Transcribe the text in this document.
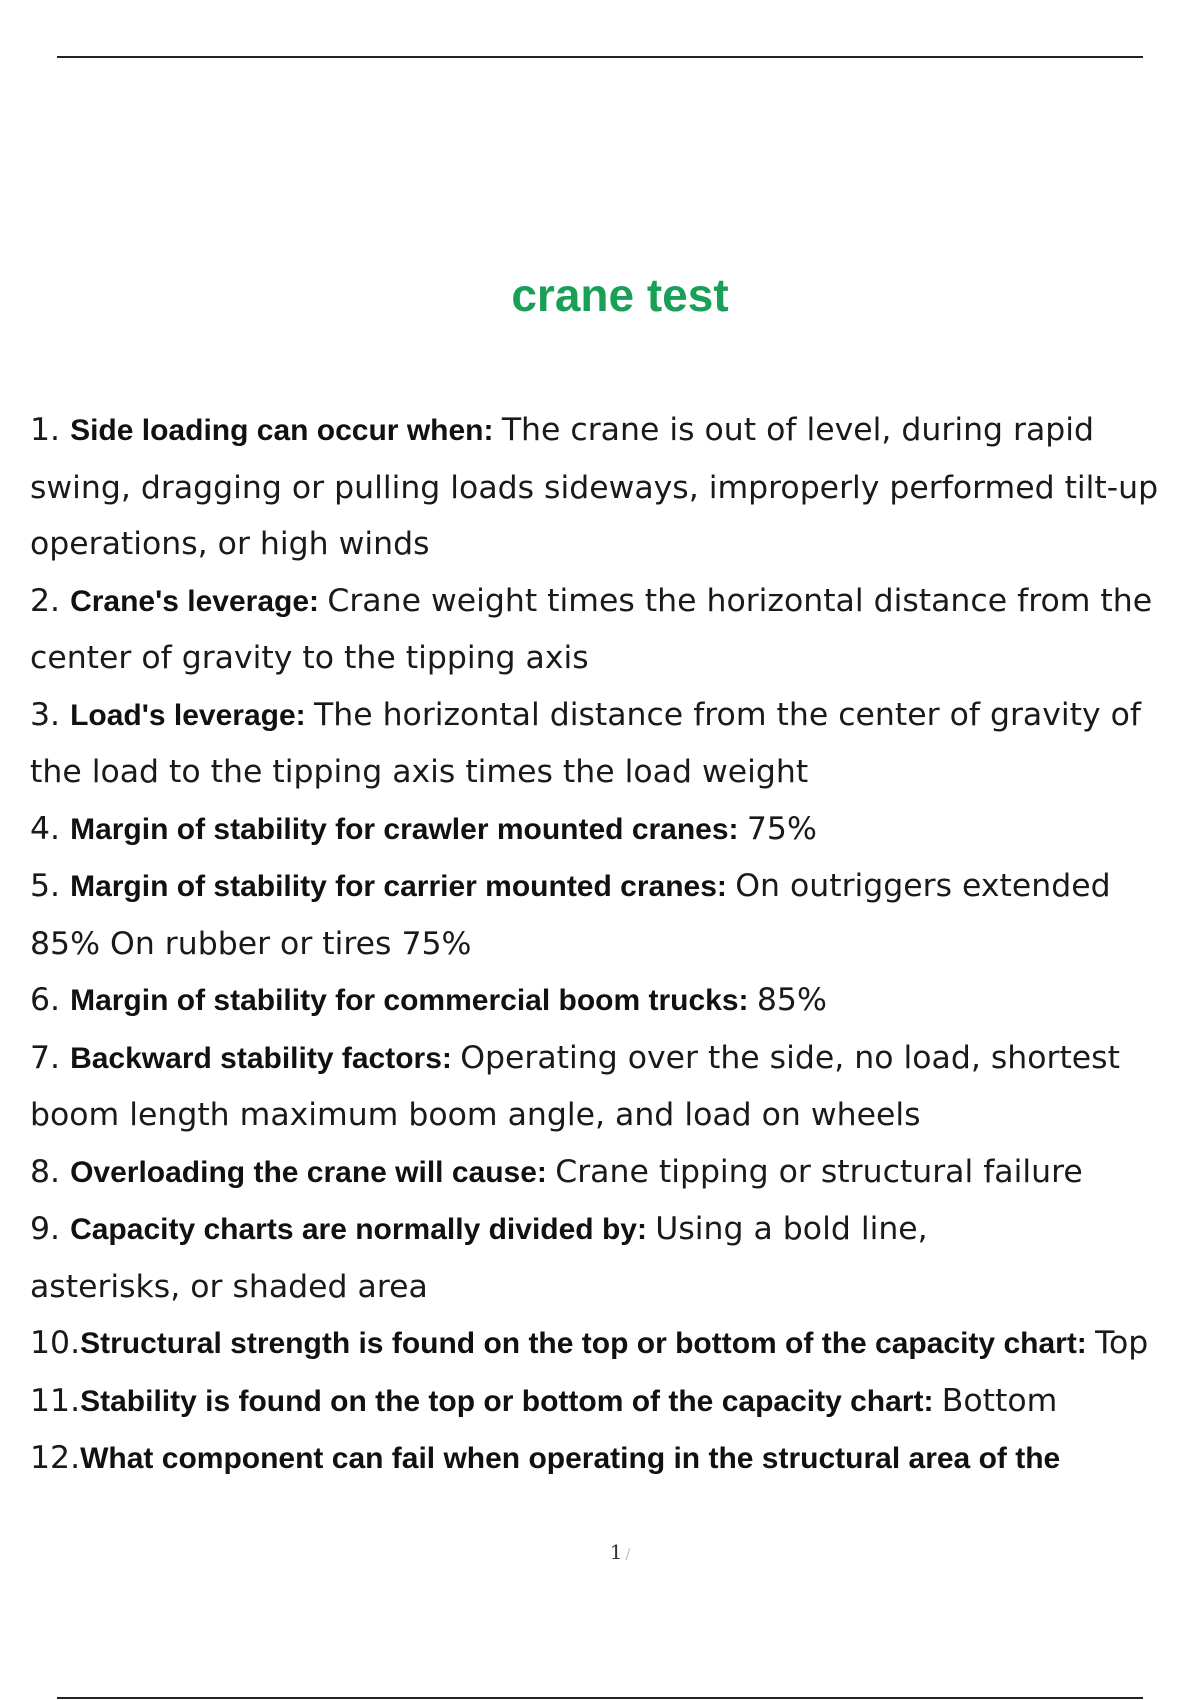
crane test
1. Side loading can occur when: The crane is out of level, during rapid swing, dragging or pulling loads sideways, improperly performed tilt-up operations, or high winds
2. Crane's leverage: Crane weight times the horizontal distance from the center of gravity to the tipping axis
3. Load's leverage: The horizontal distance from the center of gravity of the load to the tipping axis times the load weight
4. Margin of stability for crawler mounted cranes: 75%
5. Margin of stability for carrier mounted cranes: On outriggers extended 85% On rubber or tires 75%
6. Margin of stability for commercial boom trucks: 85%
7. Backward stability factors: Operating over the side, no load, shortest boom length maximum boom angle, and load on wheels
8. Overloading the crane will cause: Crane tipping or structural failure
9. Capacity charts are normally divided by: Using a bold line, asterisks, or shaded area
10. Structural strength is found on the top or bottom of the capacity chart: Top
11. Stability is found on the top or bottom of the capacity chart: Bottom
12. What component can fail when operating in the structural area of the
1 /
